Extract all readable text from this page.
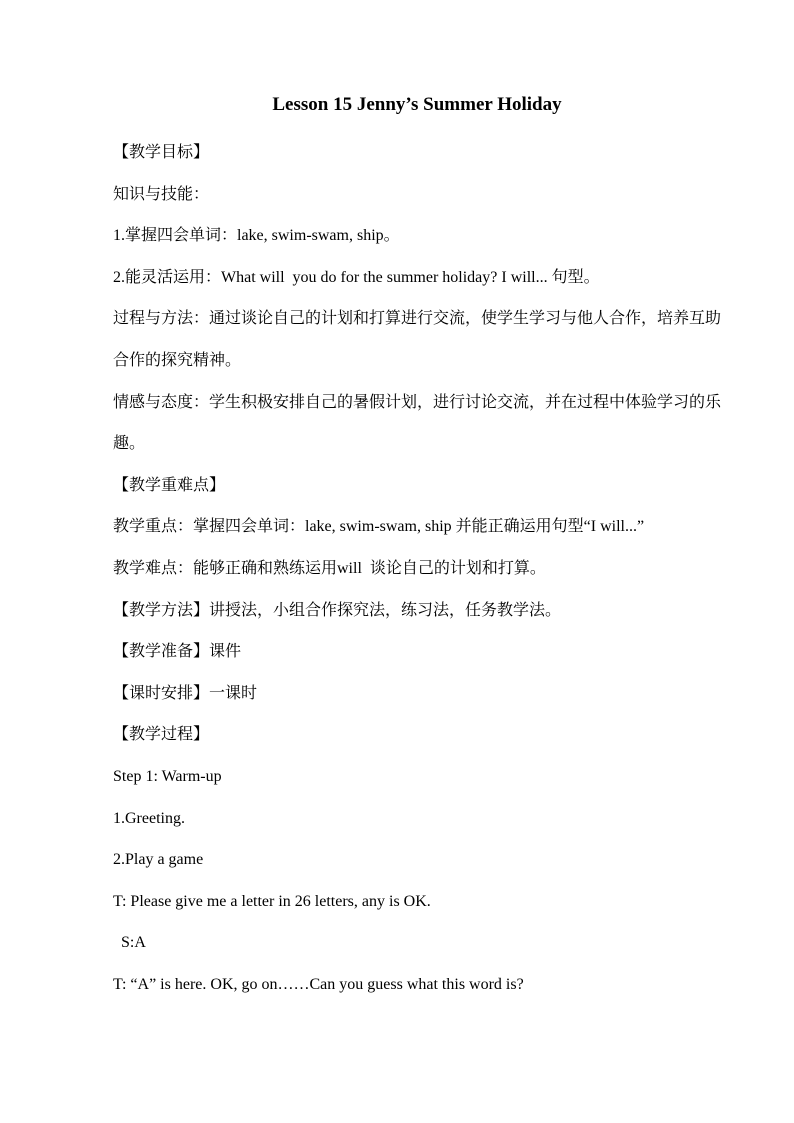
Lesson 15 Jenny’s Summer Holiday

【教学目标】

知识与技能：

1.掌握四会单词：lake, swim-swam, ship。

2.能灵活运用：What will  you do for the summer holiday? I will... 句型。

过程与方法：通过谈论自己的计划和打算进行交流，使学生学习与他人合作，培养互助合作的探究精神。

情感与态度：学生积极安排自己的暑假计划，进行讨论交流，并在过程中体验学习的乐趣。

【教学重难点】

教学重点：掌握四会单词：lake, swim-swam, ship 并能正确运用句型“I will...”

教学难点：能够正确和熟练运用will  谈论自己的计划和打算。

【教学方法】讲授法，小组合作探究法，练习法，任务教学法。

【教学准备】课件

【课时安排】一课时

【教学过程】

Step 1: Warm-up

1.Greeting.

2.Play a game

T: Please give me a letter in 26 letters, any is OK.

S:A

T: “A” is here. OK, go on……Can you guess what this word is?
